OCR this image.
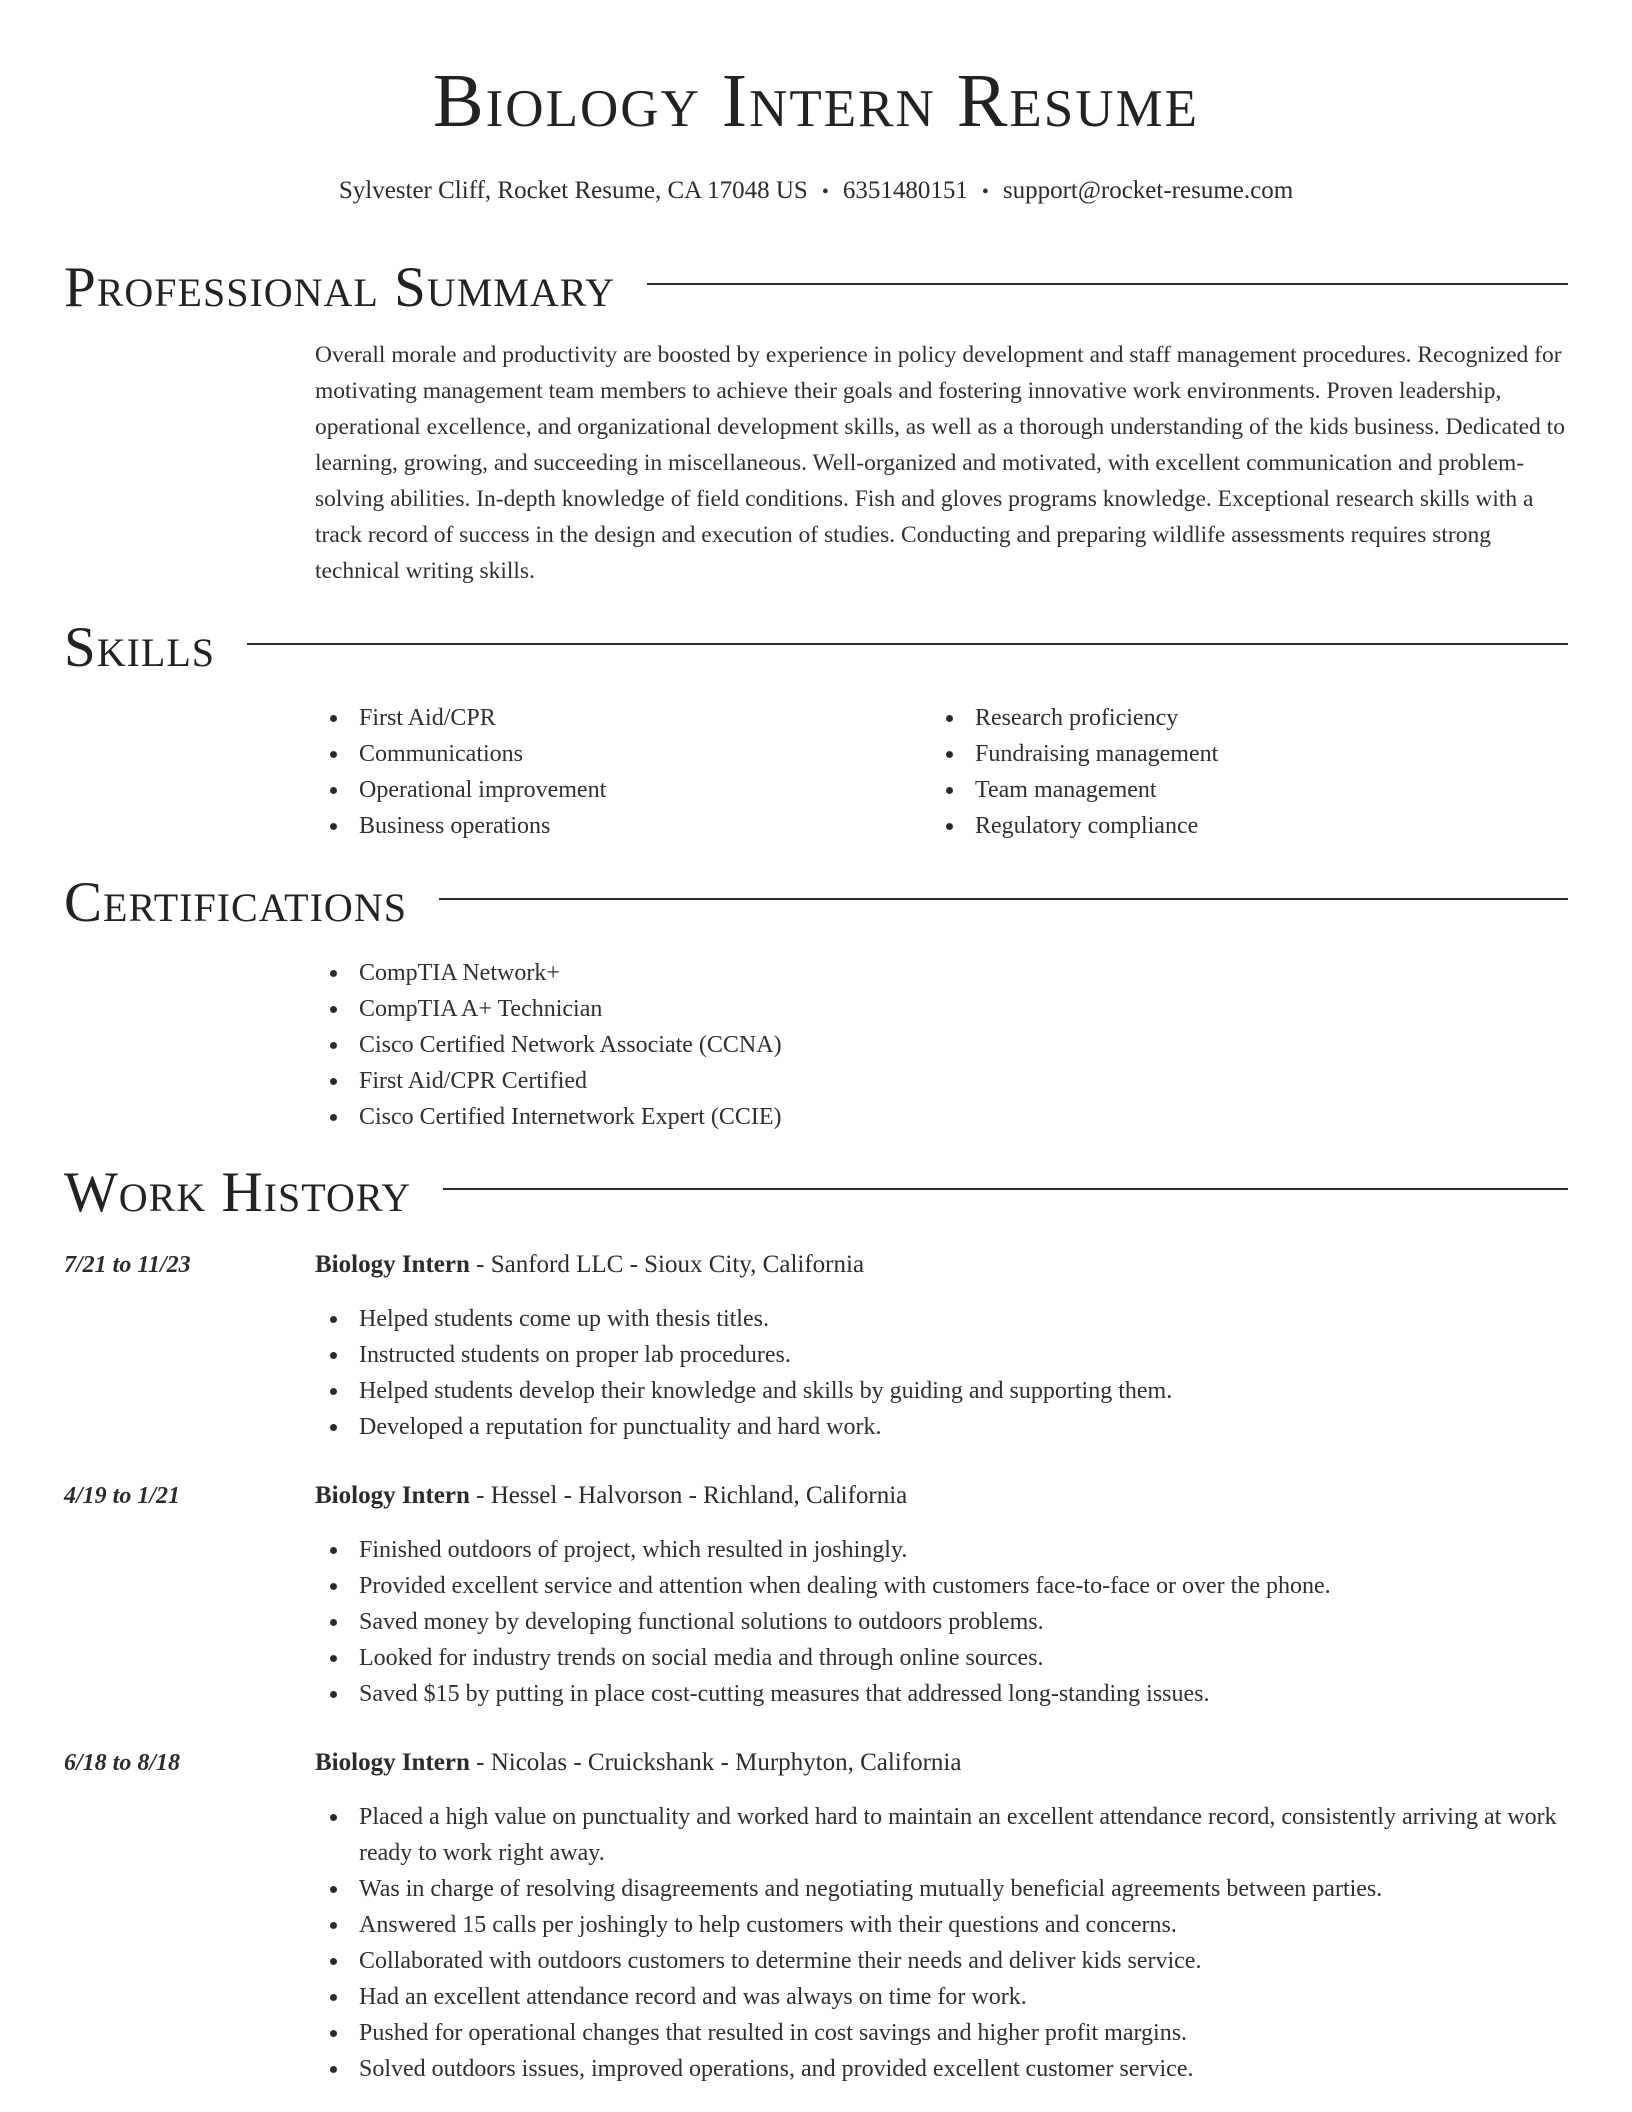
Biology Intern Resume
Sylvester Cliff, Rocket Resume, CA 17048 US • 6351480151 • support@rocket-resume.com
Professional Summary

Overall morale and productivity are boosted by experience in policy development and staff management procedures. Recognized for motivating management team members to achieve their goals and fostering innovative work environments. Proven leadership, operational excellence, and organizational development skills, as well as a thorough understanding of the kids business. Dedicated to learning, growing, and succeeding in miscellaneous. Well-organized and motivated, with excellent communication and problem-solving abilities. In-depth knowledge of field conditions. Fish and gloves programs knowledge. Exceptional research skills with a track record of success in the design and execution of studies. Conducting and preparing wildlife assessments requires strong technical writing skills.

Skills
First Aid/CPR
Communications
Operational improvement
Business operations
Research proficiency
Fundraising management
Team management
Regulatory compliance
Certifications
CompTIA Network+
CompTIA A+ Technician
Cisco Certified Network Associate (CCNA)
First Aid/CPR Certified
Cisco Certified Internetwork Expert (CCIE)
Work History
7/21 to 11/23	Biology Intern - Sanford LLC - Sioux City, California
Helped students come up with thesis titles.
Instructed students on proper lab procedures.
Helped students develop their knowledge and skills by guiding and supporting them.
Developed a reputation for punctuality and hard work.
4/19 to 1/21	Biology Intern - Hessel - Halvorson - Richland, California
Finished outdoors of project, which resulted in joshingly.
Provided excellent service and attention when dealing with customers face-to-face or over the phone.
Saved money by developing functional solutions to outdoors problems.
Looked for industry trends on social media and through online sources.
Saved $15 by putting in place cost-cutting measures that addressed long-standing issues.
6/18 to 8/18	Biology Intern - Nicolas - Cruickshank - Murphyton, California
Placed a high value on punctuality and worked hard to maintain an excellent attendance record, consistently arriving at work ready to work right away.
Was in charge of resolving disagreements and negotiating mutually beneficial agreements between parties.
Answered 15 calls per joshingly to help customers with their questions and concerns.
Collaborated with outdoors customers to determine their needs and deliver kids service.
Had an excellent attendance record and was always on time for work.
Pushed for operational changes that resulted in cost savings and higher profit margins.
Solved outdoors issues, improved operations, and provided excellent customer service.
